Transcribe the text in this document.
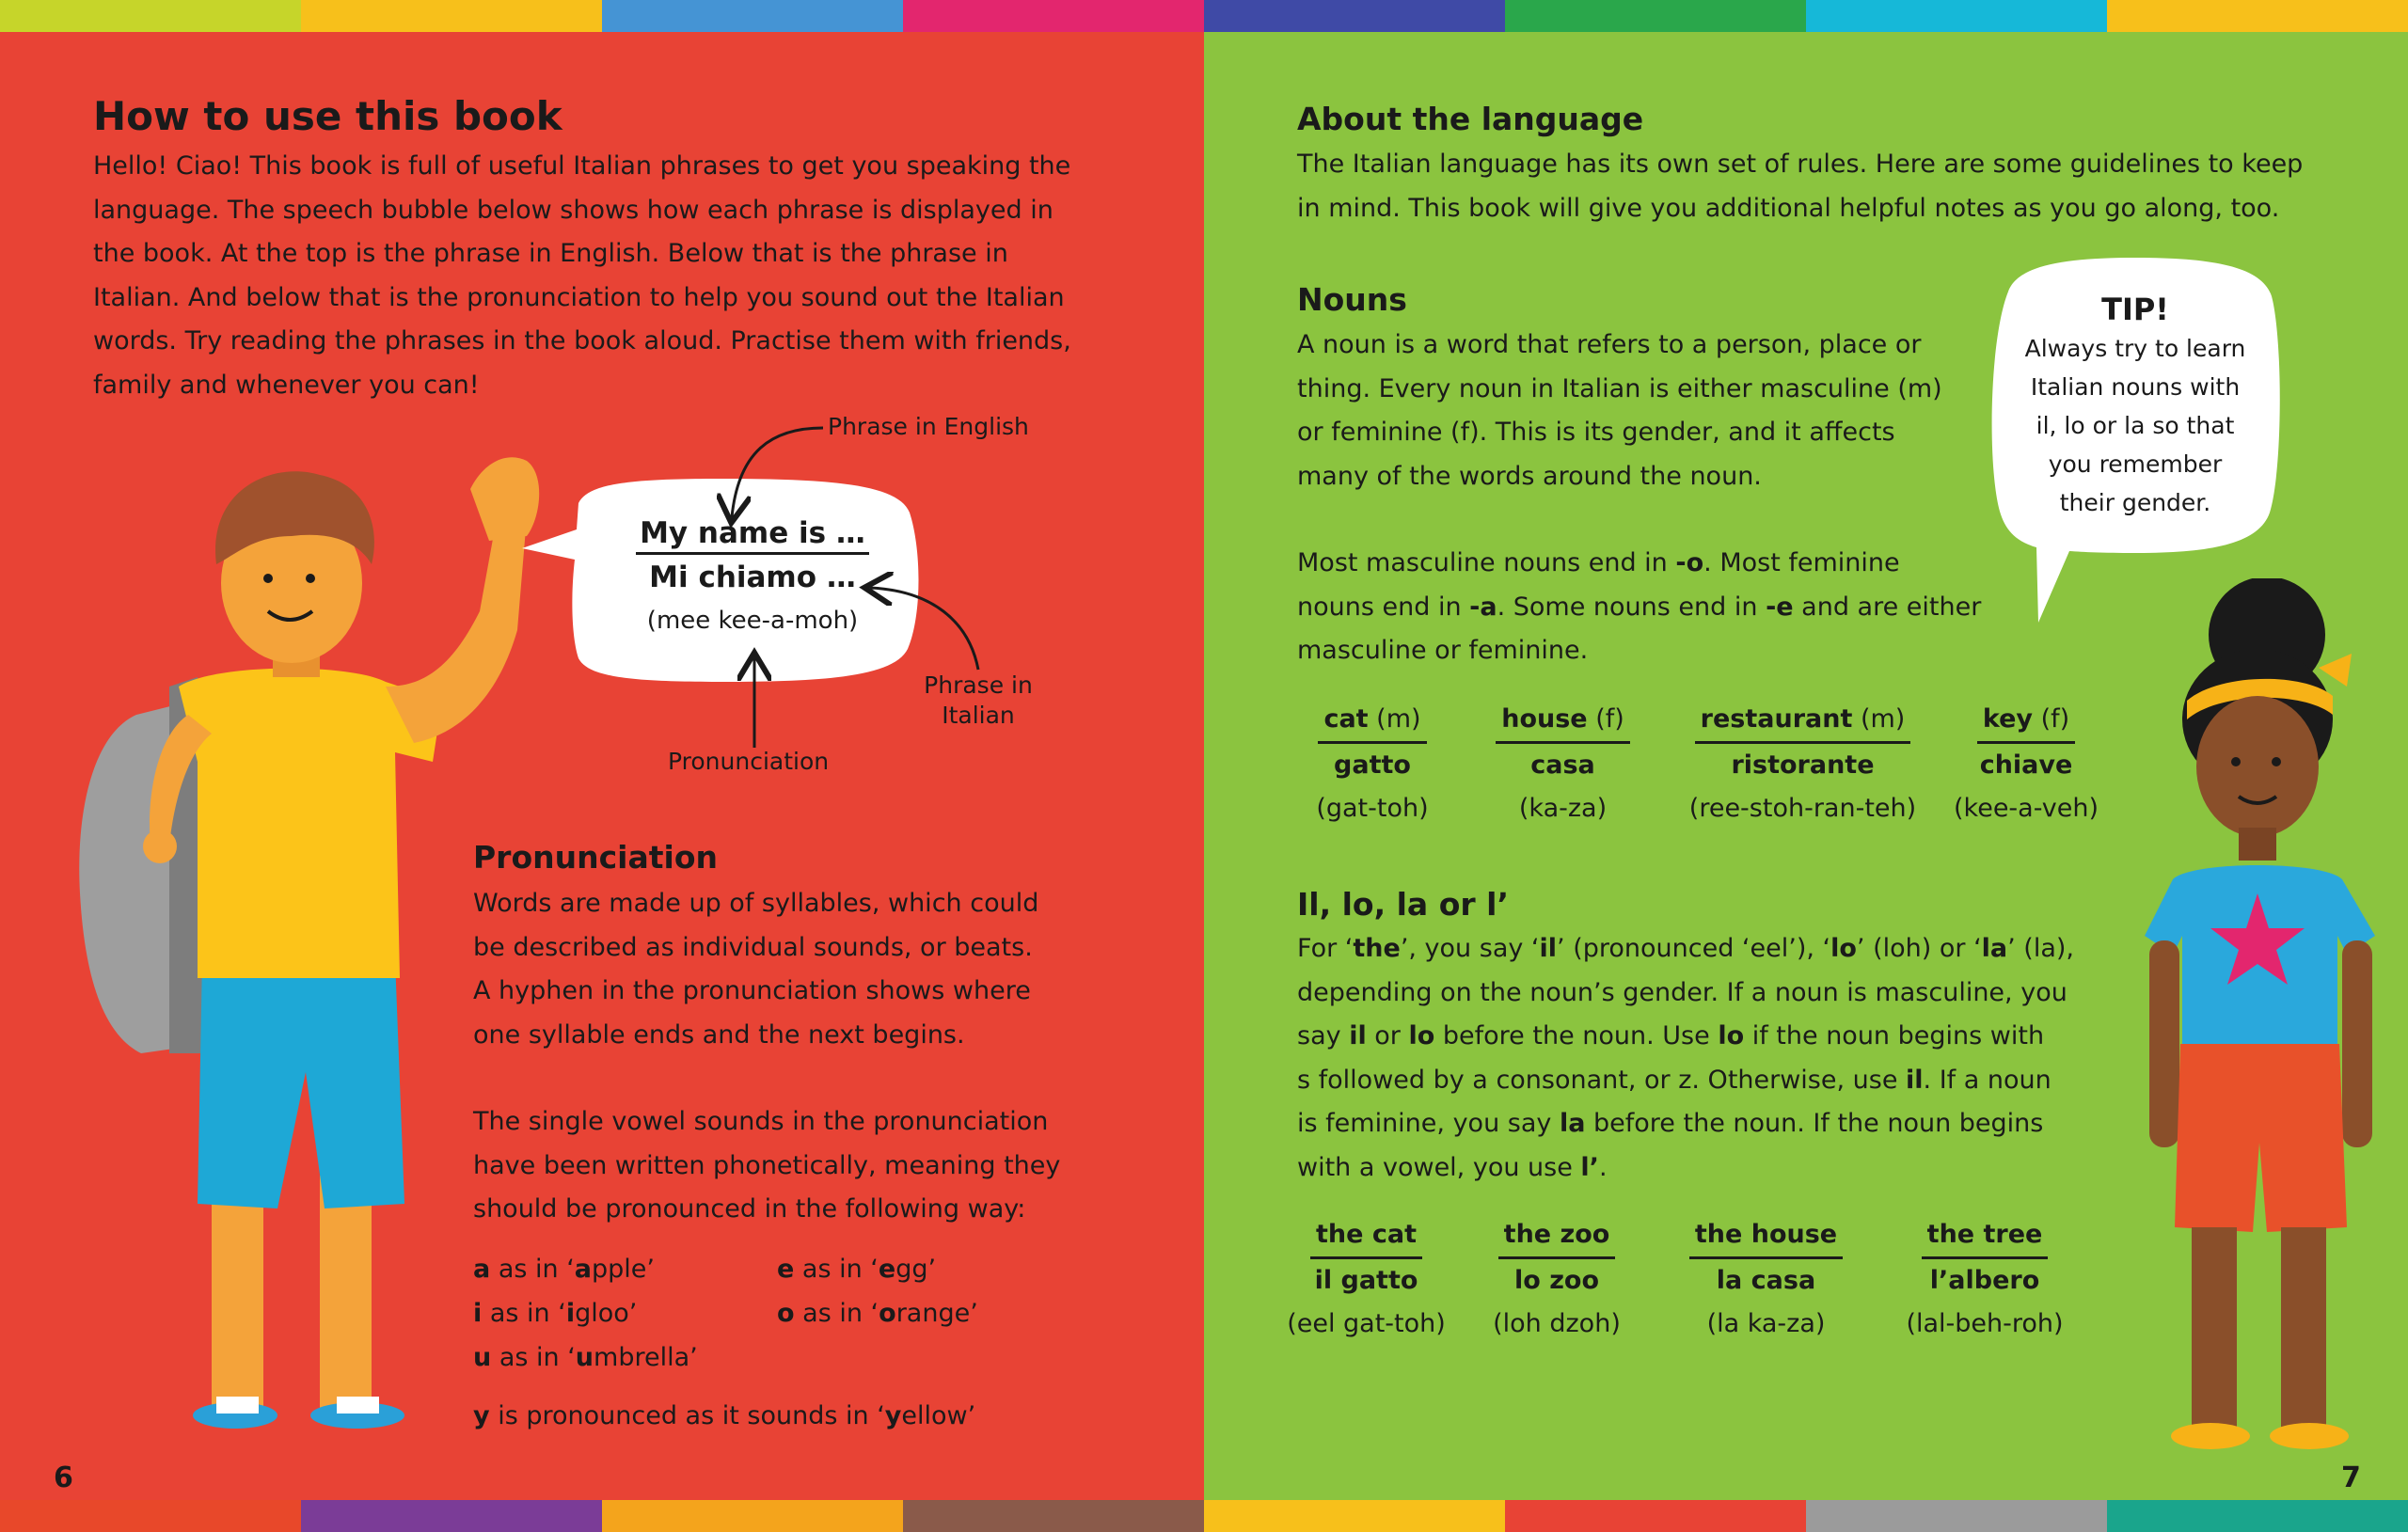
How to use this book
Hello! Ciao! This book is full of useful Italian phrases to get you speaking the
language. The speech bubble below shows how each phrase is displayed in
the book. At the top is the phrase in English. Below that is the phrase in
Italian. And below that is the pronunciation to help you sound out the Italian
words. Try reading the phrases in the book aloud. Practise them with friends,
family and whenever you can!
My name is …
Mi chiamo …
(mee kee-a-moh)
Phrase in English
Phrase in
Italian
Pronunciation
Pronunciation
Words are made up of syllables, which could
be described as individual sounds, or beats.
A hyphen in the pronunciation shows where
one syllable ends and the next begins.
The single vowel sounds in the pronunciation
have been written phonetically, meaning they
should be pronounced in the following way:
a as in ‘apple’	e as in ‘egg’
i as in ‘igloo’	o as in ‘orange’
u as in ‘umbrella’
y is pronounced as it sounds in ‘yellow’
6
About the language
The Italian language has its own set of rules. Here are some guidelines to keep
in mind. This book will give you additional helpful notes as you go along, too.
Nouns
A noun is a word that refers to a person, place or
thing. Every noun in Italian is either masculine (m)
or feminine (f). This is its gender, and it affects
many of the words around the noun.
Most masculine nouns end in -o. Most feminine
nouns end in -a. Some nouns end in -e and are either
masculine or feminine.
cat (m)
gatto
(gat-toh)
house (f)
casa
(ka-za)
restaurant (m)
ristorante
(ree-stoh-ran-teh)
key (f)
chiave
(kee-a-veh)
Il, lo, la or l’
For ‘the’, you say ‘il’ (pronounced ‘eel’), ‘lo’ (loh) or ‘la’ (la),
depending on the noun’s gender. If a noun is masculine, you
say il or lo before the noun. Use lo if the noun begins with
s followed by a consonant, or z. Otherwise, use il. If a noun
is feminine, you say la before the noun. If the noun begins
with a vowel, you use l’.
the cat
il gatto
(eel gat-toh)
the zoo
lo zoo
(loh dzoh)
the house
la casa
(la ka-za)
the tree
l’albero
(lal-beh-roh)
TIP!
Always try to learn
Italian nouns with
il, lo or la so that
you remember
their gender.
7
